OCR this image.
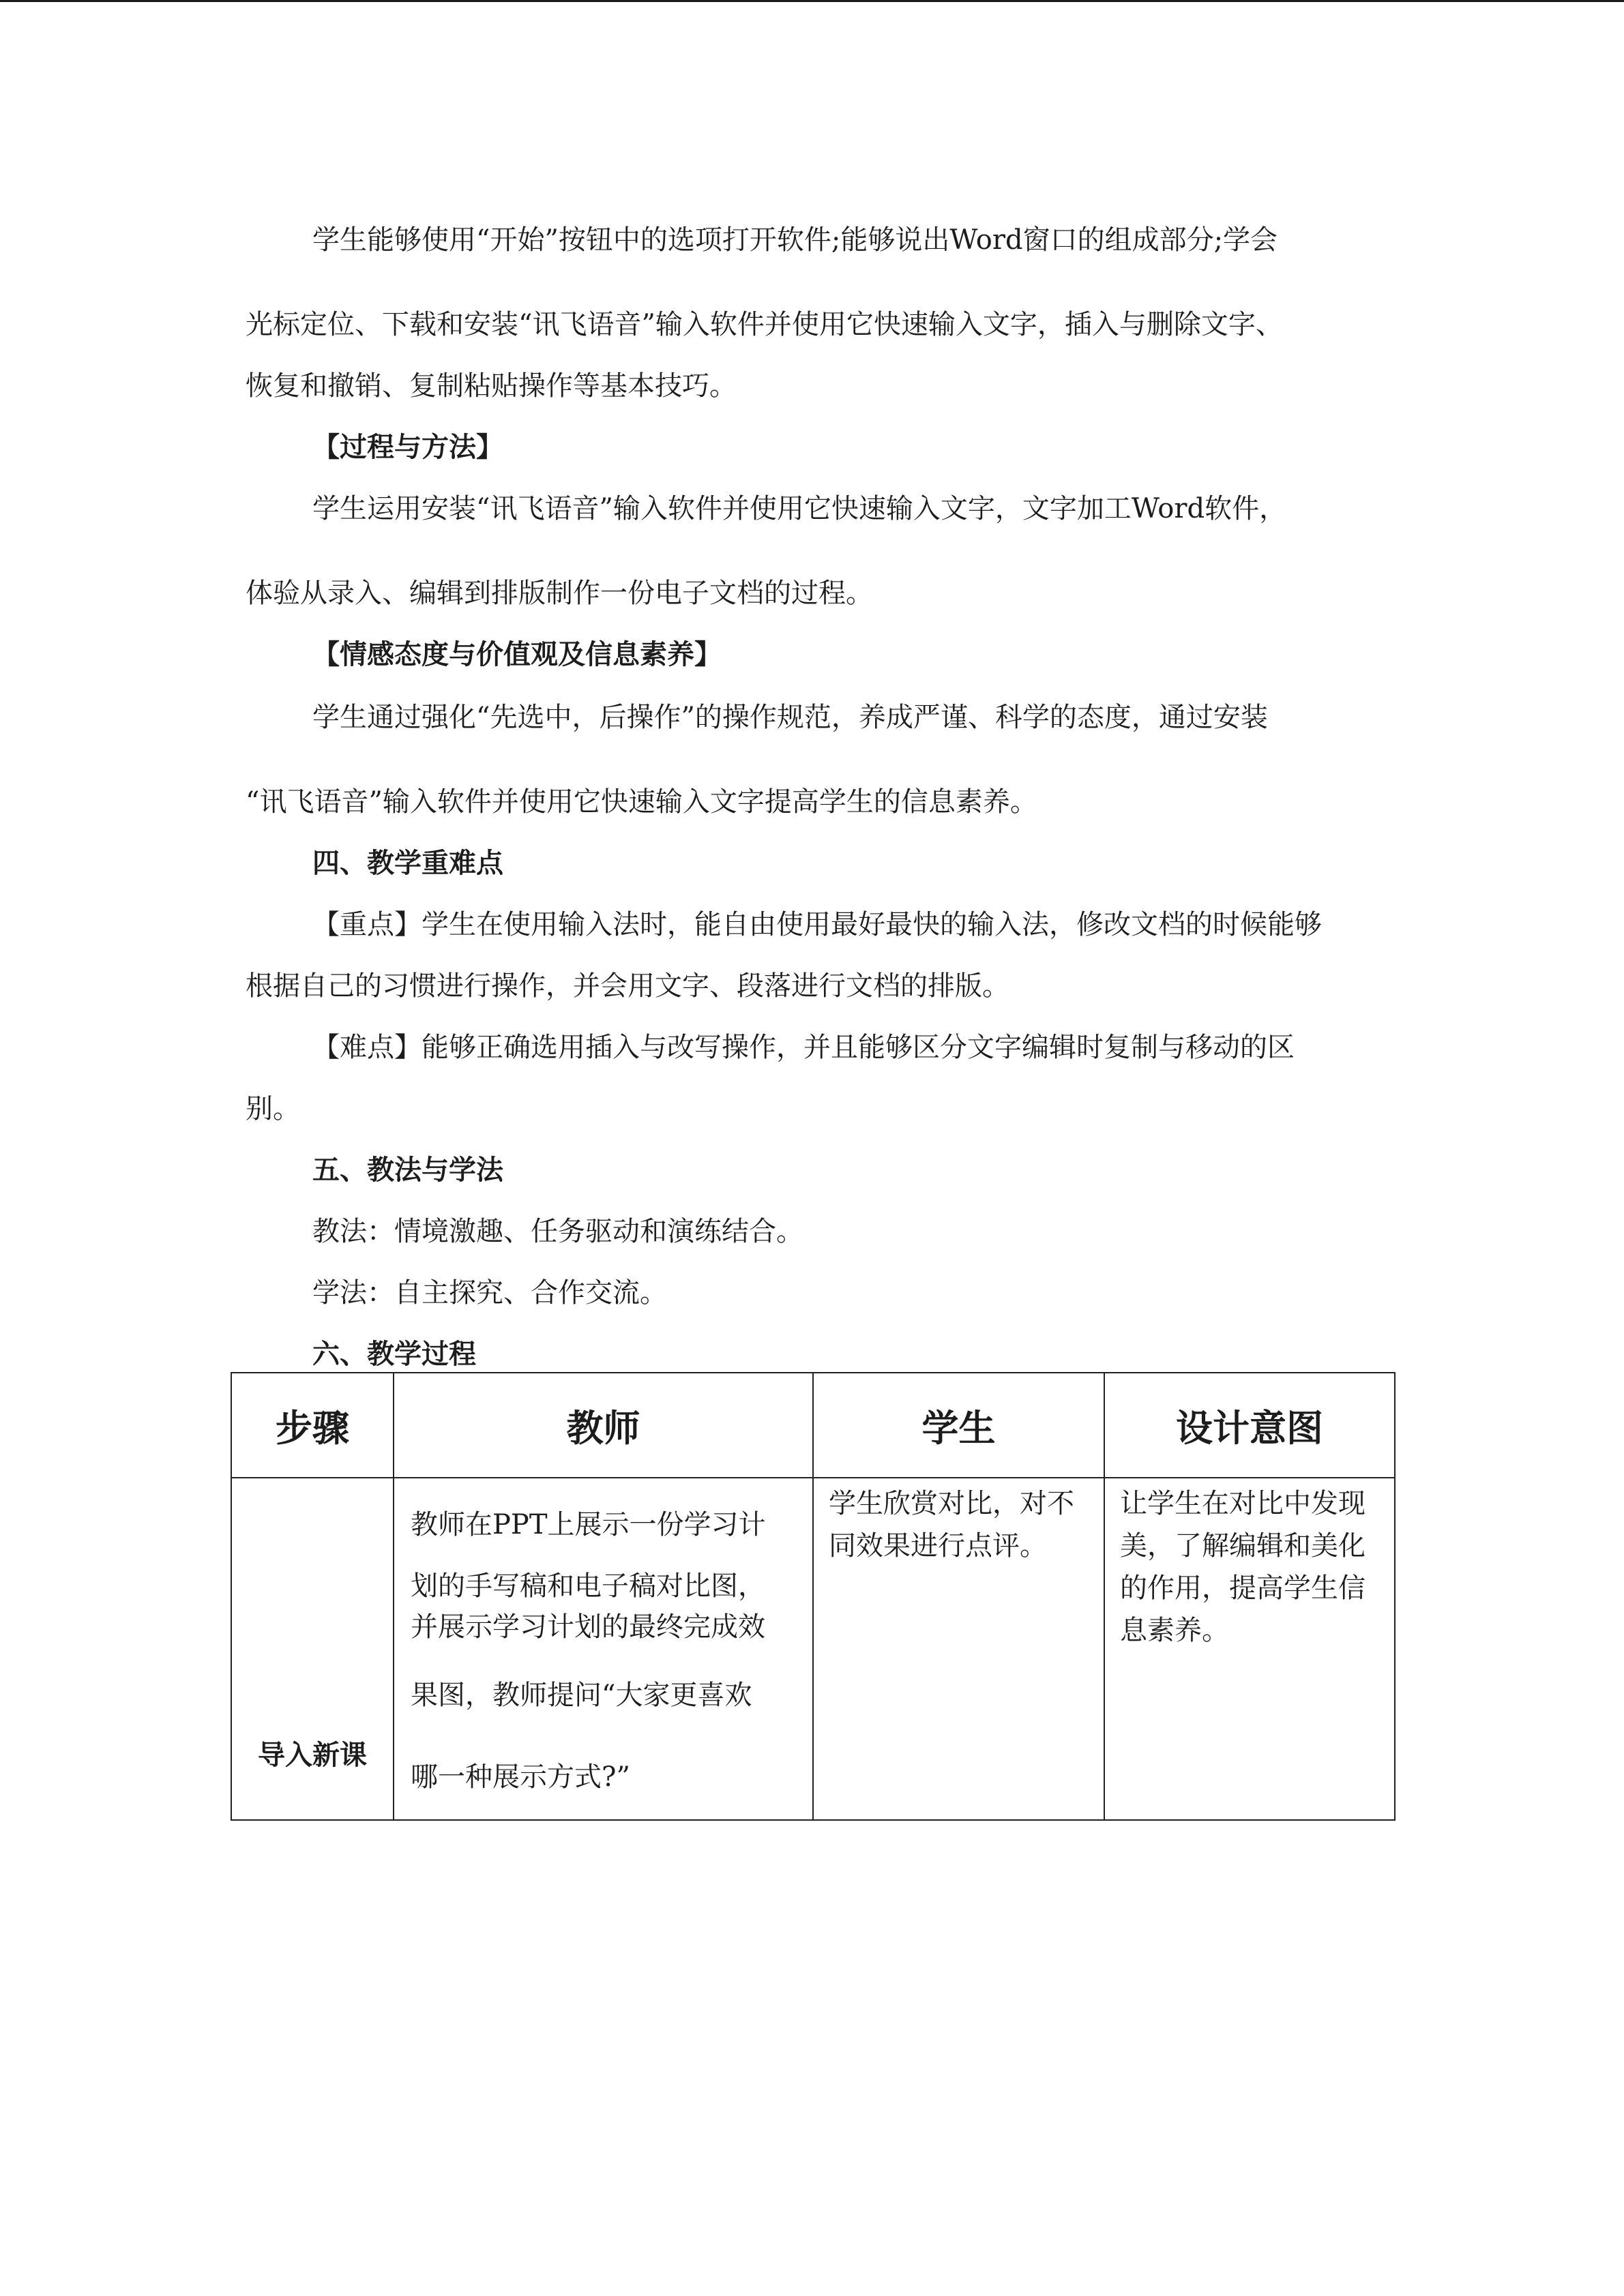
学生能够使用“开始”按钮中的选项打开软件;能够说出Word窗口的组成部分;学会
光标定位、下载和安装“讯飞语音”输入软件并使用它快速输入文字，插入与删除文字、
恢复和撤销、复制粘贴操作等基本技巧。
【过程与方法】
学生运用安装“讯飞语音”输入软件并使用它快速输入文字，文字加工Word软件，
体验从录入、编辑到排版制作一份电子文档的过程。
【情感态度与价值观及信息素养】
学生通过强化“先选中，后操作”的操作规范，养成严谨、科学的态度，通过安装
“讯飞语音”输入软件并使用它快速输入文字提高学生的信息素养。
四、教学重难点
【重点】学生在使用输入法时，能自由使用最好最快的输入法，修改文档的时候能够
根据自己的习惯进行操作，并会用文字、段落进行文档的排版。
【难点】能够正确选用插入与改写操作，并且能够区分文字编辑时复制与移动的区
别。
五、教法与学法
教法：情境激趣、任务驱动和演练结合。
学法：自主探究、合作交流。
六、教学过程
步骤	教师	学生	设计意图

导入新课	教师在PPT上展示一份学习计
划的手写稿和电子稿对比图，
并展示学习计划的最终完成效
果图，教师提问“大家更喜欢
哪一种展示方式?”	学生欣赏对比，对不
同效果进行点评。	让学生在对比中发现
美，了解编辑和美化
的作用，提高学生信
息素养。
